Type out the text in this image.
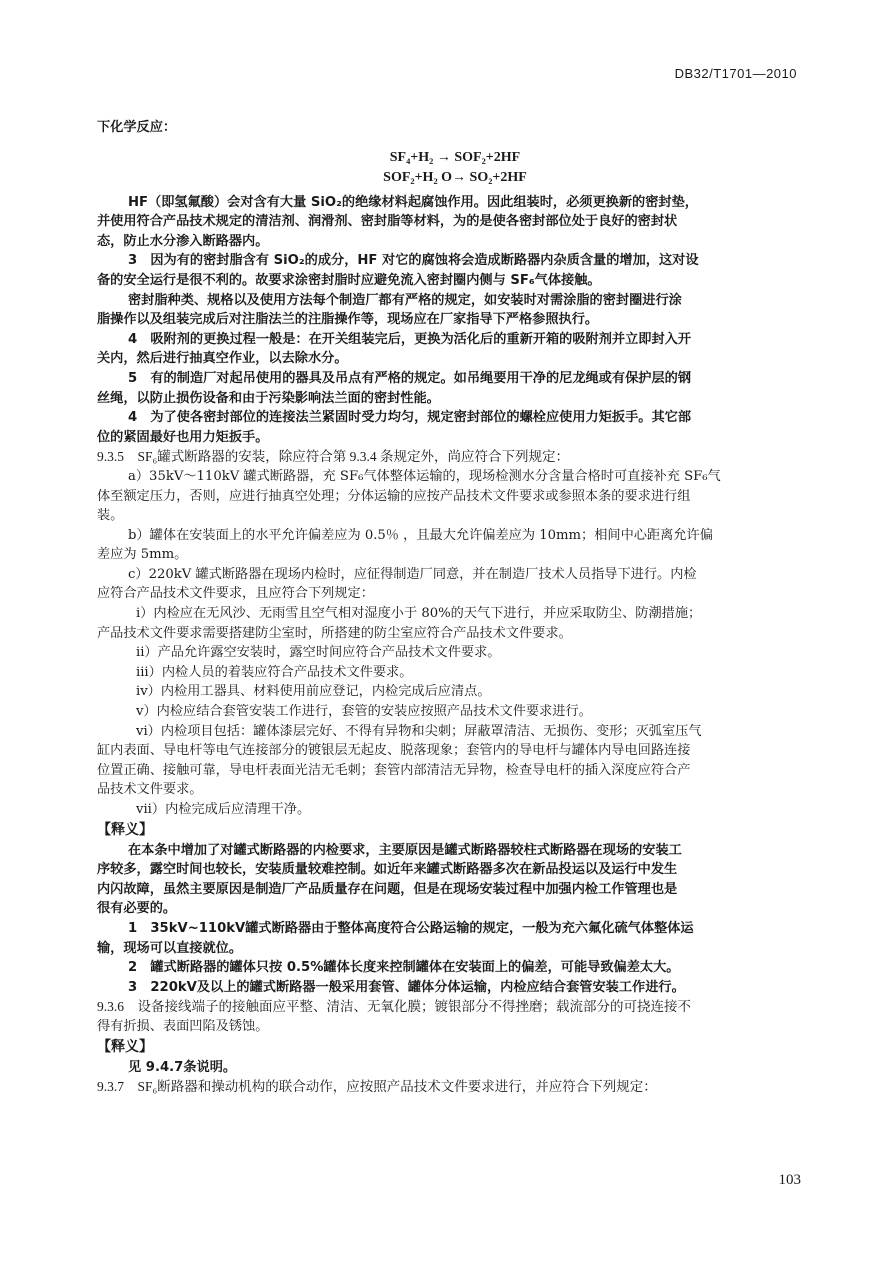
DB32/T1701—2010
下化学反应：
SF₄+H₂ → SOF₂+2HF
SOF₂+H₂ O→ SO₂+2HF
HF（即氢氟酸）会对含有大量 SiO₂的绝缘材料起腐蚀作用。因此组装时，必须更换新的密封垫，
并使用符合产品技术规定的清洁剂、润滑剂、密封脂等材料，为的是使各密封部位处于良好的密封状
态，防止水分渗入断路器内。
3　因为有的密封脂含有 SiO₂的成分，HF 对它的腐蚀将会造成断路器内杂质含量的增加，这对设
备的安全运行是很不利的。故要求涂密封脂时应避免流入密封圈内侧与 SF₆气体接触。
密封脂种类、规格以及使用方法每个制造厂都有严格的规定，如安装时对需涂脂的密封圈进行涂
脂操作以及组装完成后对注脂法兰的注脂操作等，现场应在厂家指导下严格参照执行。
4　吸附剂的更换过程一般是：在开关组装完后，更换为活化后的重新开箱的吸附剂并立即封入开
关内，然后进行抽真空作业，以去除水分。
5　有的制造厂对起吊使用的器具及吊点有严格的规定。如吊绳要用干净的尼龙绳或有保护层的钢
丝绳，以防止损伤设备和由于污染影响法兰面的密封性能。
4　为了使各密封部位的连接法兰紧固时受力均匀，规定密封部位的螺栓应使用力矩扳手。其它部
位的紧固最好也用力矩扳手。
9.3.5　SF₆罐式断路器的安装，除应符合第 9.3.4 条规定外，尚应符合下列规定：
a）35kV～110kV 罐式断路器，充 SF₆气体整体运输的，现场检测水分含量合格时可直接补充 SF₆气
体至额定压力，否则，应进行抽真空处理；分体运输的应按产品技术文件要求或参照本条的要求进行组
装。
b）罐体在安装面上的水平允许偏差应为 0.5％ ，且最大允许偏差应为 10mm；相间中心距离允许偏
差应为 5mm。
c）220kV 罐式断路器在现场内检时，应征得制造厂同意，并在制造厂技术人员指导下进行。内检
应符合产品技术文件要求，且应符合下列规定：
i）内检应在无风沙、无雨雪且空气相对湿度小于 80%的天气下进行，并应采取防尘、防潮措施；
产品技术文件要求需要搭建防尘室时，所搭建的防尘室应符合产品技术文件要求。
ii）产品允许露空安装时，露空时间应符合产品技术文件要求。
iii）内检人员的着装应符合产品技术文件要求。
iv）内检用工器具、材料使用前应登记，内检完成后应清点。
v）内检应结合套管安装工作进行，套管的安装应按照产品技术文件要求进行。
vi）内检项目包括：罐体漆层完好、不得有异物和尖刺；屏蔽罩清洁、无损伤、变形；灭弧室压气
缸内表面、导电杆等电气连接部分的镀银层无起皮、脱落现象；套管内的导电杆与罐体内导电回路连接
位置正确、接触可靠，导电杆表面光洁无毛刺；套管内部清洁无异物，检查导电杆的插入深度应符合产
品技术文件要求。
vii）内检完成后应清理干净。
【释义】
在本条中增加了对罐式断路器的内检要求，主要原因是罐式断路器较柱式断路器在现场的安装工
序较多，露空时间也较长，安装质量较难控制。如近年来罐式断路器多次在新品投运以及运行中发生
内闪故障，虽然主要原因是制造厂产品质量存在问题，但是在现场安装过程中加强内检工作管理也是
很有必要的。
1　35kV~110kV罐式断路器由于整体高度符合公路运输的规定，一般为充六氟化硫气体整体运
输，现场可以直接就位。
2　罐式断路器的罐体只按 0.5%罐体长度来控制罐体在安装面上的偏差，可能导致偏差太大。
3　220kV及以上的罐式断路器一般采用套管、罐体分体运输，内检应结合套管安装工作进行。
9.3.6　设备接线端子的接触面应平整、清洁、无氧化膜；镀银部分不得挫磨；载流部分的可挠连接不
得有折损、表面凹陷及锈蚀。
【释义】
见 9.4.7条说明。
9.3.7　SF₆断路器和操动机构的联合动作，应按照产品技术文件要求进行，并应符合下列规定：
103
